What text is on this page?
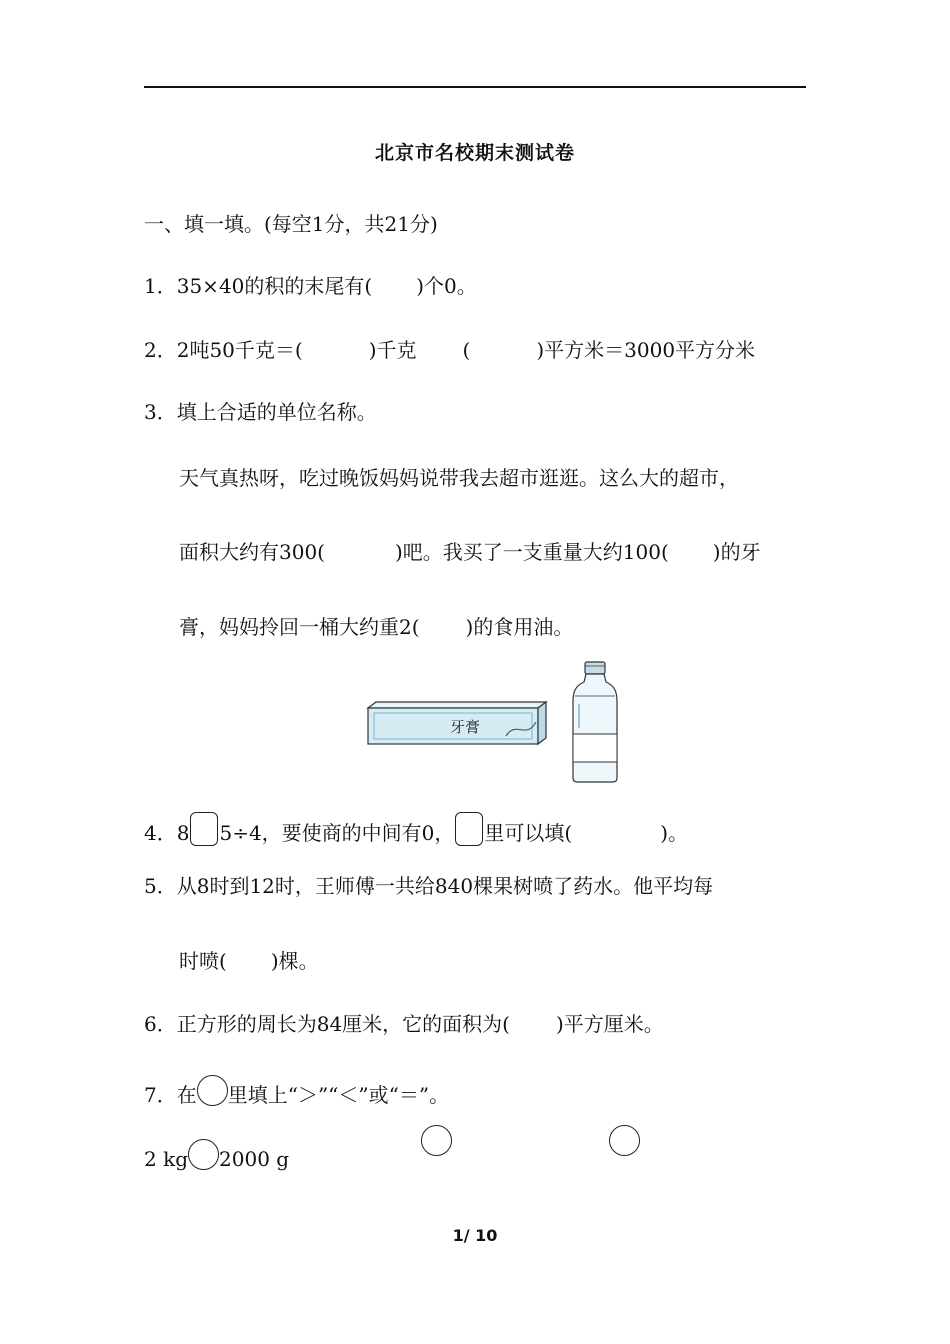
北京市名校期末测试卷
一、填一填。(每空1分，共21分)
1．35×40的积的末尾有( )个0。
2．2吨50千克＝(	)千克 (	)平方米＝3000平方分米
3．填上合适的单位名称。
天气真热呀，吃过晚饭妈妈说带我去超市逛逛。这么大的超市，
面积大约有300(	)吧。我买了一支重量大约100( )的牙
膏，妈妈拎回一桶大约重2( )的食用油。
牙膏
4．8 5÷4，要使商的中间有0， 里可以填(	)。
5．从8时到12时，王师傅一共给840棵果树喷了药水。他平均每
时喷( )棵。
6．正方形的周长为84厘米，它的面积为( )平方厘米。
7．在 里填上“＞”“＜”或“＝”。
2 kg 2000 g
1/ 10
